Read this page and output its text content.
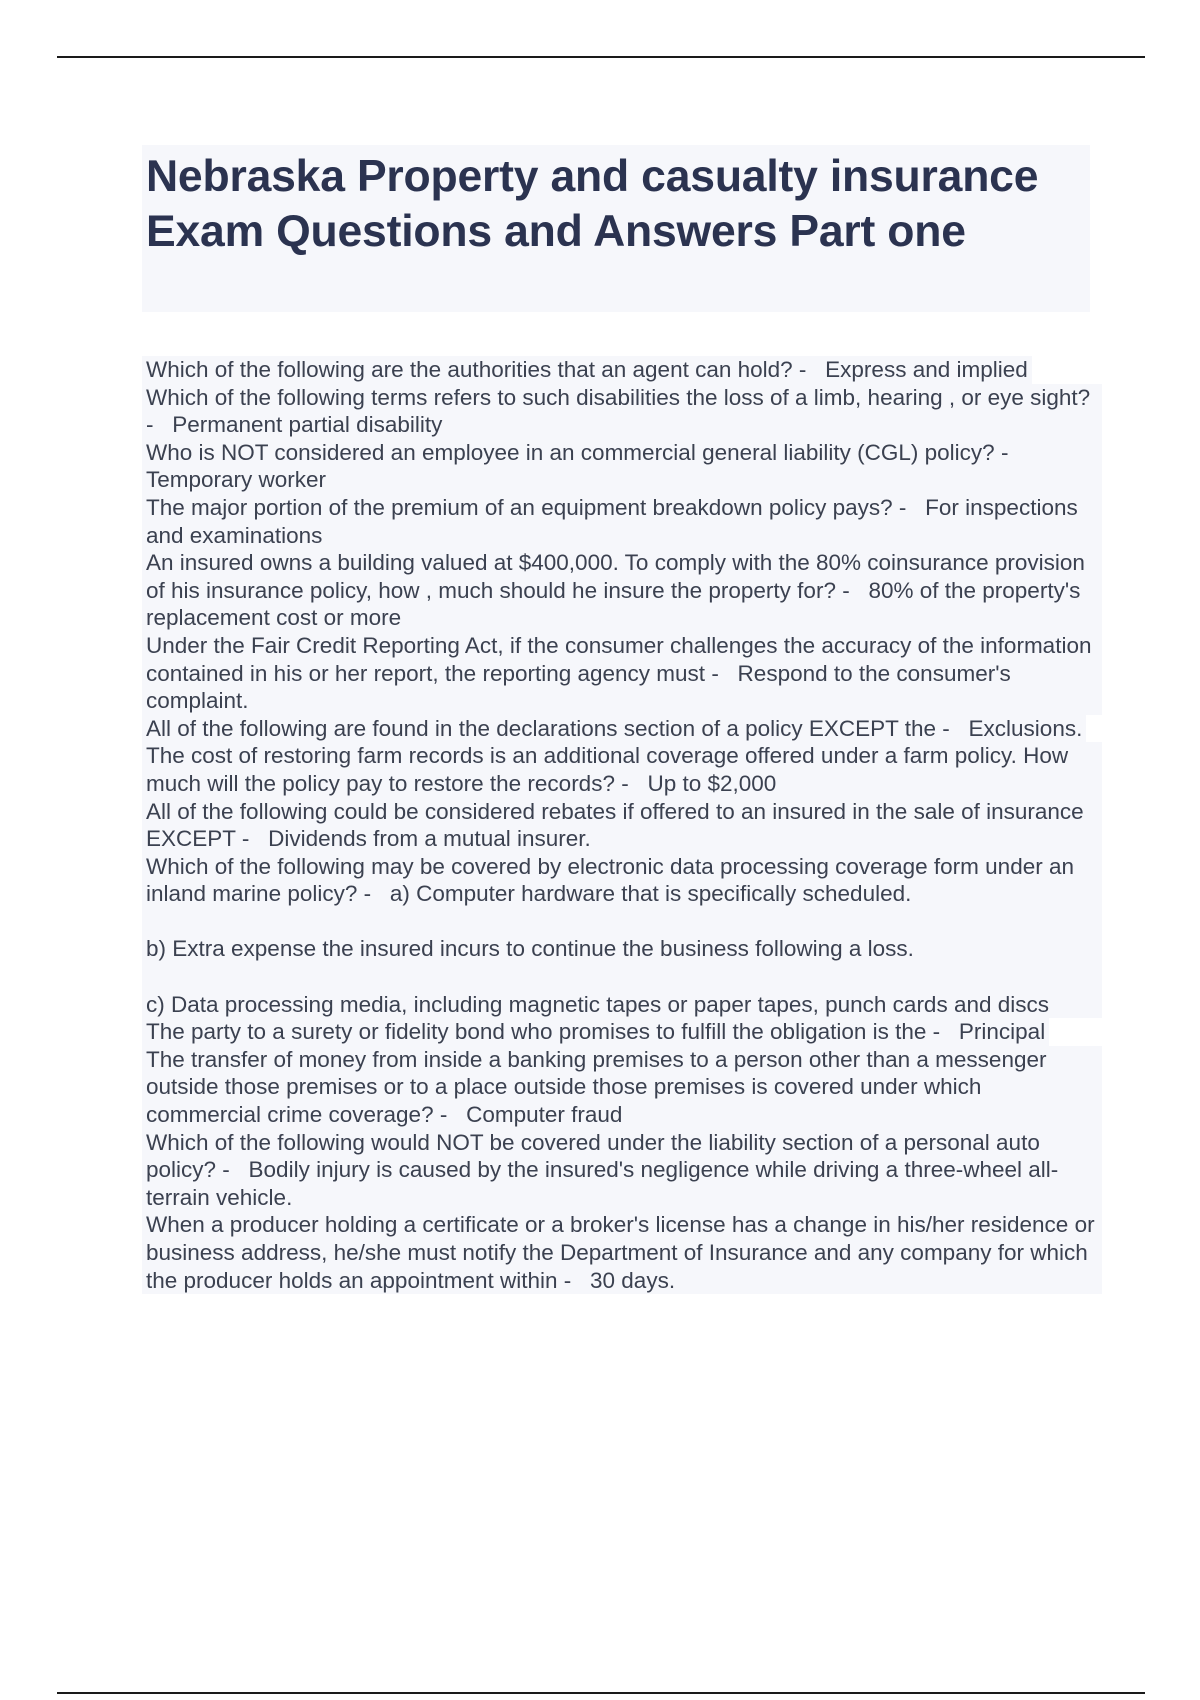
Nebraska Property and casualty insurance Exam Questions and Answers Part one

Which of the following are the authorities that an agent can hold? -   Express and implied

Which of the following terms refers to such disabilities the loss of a limb, hearing , or eye sight? -   Permanent partial disability

Who is NOT considered an employee in an commercial general liability (CGL) policy? -   Temporary worker

The major portion of the premium of an equipment breakdown policy pays? -   For inspections and examinations

An insured owns a building valued at $400,000. To comply with the 80% coinsurance provision of his insurance policy, how , much should he insure the property for? -   80% of the property's replacement cost or more

Under the Fair Credit Reporting Act, if the consumer challenges the accuracy of the information contained in his or her report, the reporting agency must -   Respond to the consumer's complaint.

All of the following are found in the declarations section of a policy EXCEPT the -   Exclusions.

The cost of restoring farm records is an additional coverage offered under a farm policy. How much will the policy pay to restore the records? -   Up to $2,000

All of the following could be considered rebates if offered to an insured in the sale of insurance EXCEPT -   Dividends from a mutual insurer.

Which of the following may be covered by electronic data processing coverage form under an inland marine policy? -   a) Computer hardware that is specifically scheduled.

b) Extra expense the insured incurs to continue the business following a loss.

c) Data processing media, including magnetic tapes or paper tapes, punch cards and discs

The party to a surety or fidelity bond who promises to fulfill the obligation is the -   Principal

The transfer of money from inside a banking premises to a person other than a messenger outside those premises or to a place outside those premises is covered under which commercial crime coverage? -   Computer fraud

Which of the following would NOT be covered under the liability section of a personal auto policy? -   Bodily injury is caused by the insured's negligence while driving a three-wheel all-terrain vehicle.

When a producer holding a certificate or a broker's license has a change in his/her residence or business address, he/she must notify the Department of Insurance and any company for which the producer holds an appointment within -   30 days.
